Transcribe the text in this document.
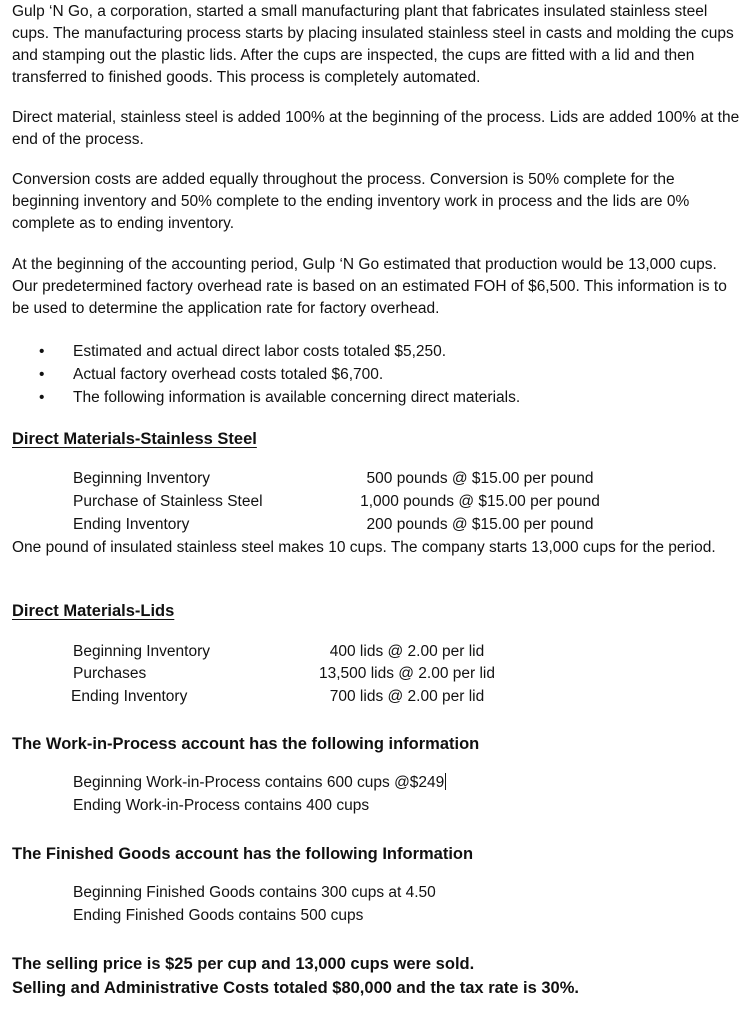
Gulp ‘N Go, a corporation, started a small manufacturing plant that fabricates insulated stainless steel cups. The manufacturing process starts by placing insulated stainless steel in casts and molding the cups and stamping out the plastic lids. After the cups are inspected, the cups are fitted with a lid and then transferred to finished goods. This process is completely automated.

Direct material, stainless steel is added 100% at the beginning of the process. Lids are added 100% at the end of the process.

Conversion costs are added equally throughout the process. Conversion is 50% complete for the beginning inventory and 50% complete to the ending inventory work in process and the lids are 0% complete as to ending inventory.

At the beginning of the accounting period, Gulp ‘N Go estimated that production would be 13,000 cups. Our predetermined factory overhead rate is based on an estimated FOH of $6,500. This information is to be used to determine the application rate for factory overhead.

• Estimated and actual direct labor costs totaled $5,250.
• Actual factory overhead costs totaled $6,700.
• The following information is available concerning direct materials.
Direct Materials-Stainless Steel
Beginning Inventory	500 pounds @ $15.00 per pound
Purchase of Stainless Steel	1,000 pounds @ $15.00 per pound
Ending Inventory	200 pounds @ $15.00 per pound

One pound of insulated stainless steel makes 10 cups. The company starts 13,000 cups for the period.

Direct Materials-Lids
Beginning Inventory	400 lids @ 2.00 per lid
Purchases	13,500 lids @ 2.00 per lid
Ending Inventory	700 lids @ 2.00 per lid
The Work-in-Process account has the following information
Beginning Work-in-Process contains 600 cups @$249
Ending Work-in-Process contains 400 cups
The Finished Goods account has the following Information
Beginning Finished Goods contains 300 cups at 4.50
Ending Finished Goods contains 500 cups
The selling price is $25 per cup and 13,000 cups were sold.
Selling and Administrative Costs totaled $80,000 and the tax rate is 30%.
